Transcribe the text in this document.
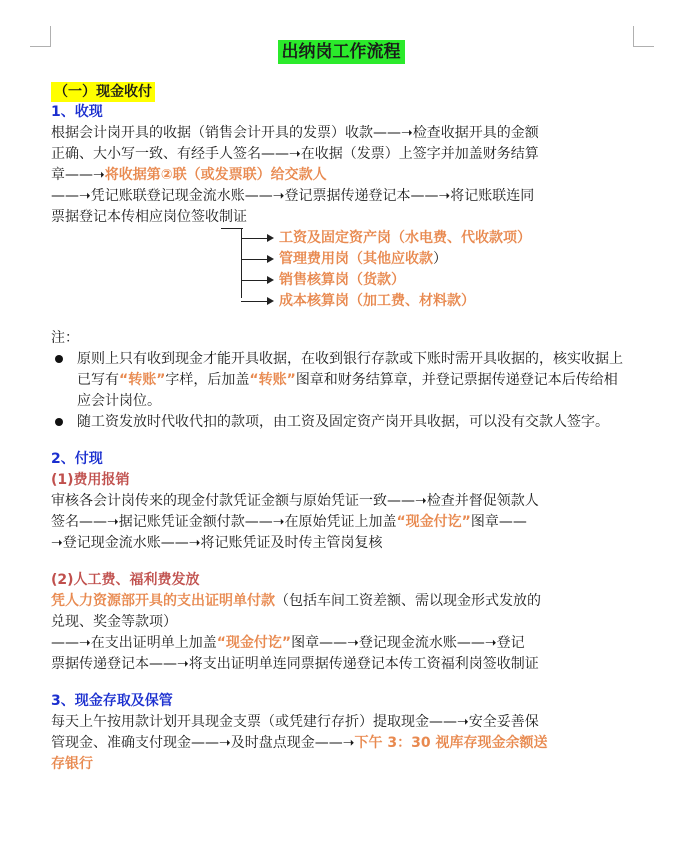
出纳岗工作流程
（一）现金收付

1、收现

根据会计岗开具的收据（销售会计开具的发票）收款——➝检查收据开具的金额

正确、大小写一致、有经手人签名——➝在收据（发票）上签字并加盖财务结算

章——➝将收据第②联（或发票联）给交款人

——➝凭记账联登记现金流水账——➝登记票据传递登记本——➝将记账联连同

票据登记本传相应岗位签收制证

工资及固定资产岗（水电费、代收款项）
管理费用岗（其他应收款）
销售核算岗（货款）
成本核算岗（加工费、材料款）

注：

原则上只有收到现金才能开具收据，在收到银行存款或下账时需开具收据的，核实收据上已写有“转账”字样，后加盖“转账”图章和财务结算章，并登记票据传递登记本后传给相应会计岗位。
随工资发放时代收代扣的款项，由工资及固定资产岗开具收据，可以没有交款人签字。

2、付现

(1)费用报销

审核各会计岗传来的现金付款凭证金额与原始凭证一致——➝检查并督促领款人

签名——➝据记账凭证金额付款——➝在原始凭证上加盖“现金付讫”图章——

➝登记现金流水账——➝将记账凭证及时传主管岗复核

(2)人工费、福利费发放

凭人力资源部开具的支出证明单付款（包括车间工资差额、需以现金形式发放的

兑现、奖金等款项）

——➝在支出证明单上加盖“现金付讫”图章——➝登记现金流水账——➝登记

票据传递登记本——➝将支出证明单连同票据传递登记本传工资福利岗签收制证

3、现金存取及保管

每天上午按用款计划开具现金支票（或凭建行存折）提取现金——➝安全妥善保

管现金、准确支付现金——➝及时盘点现金——➝下午 3：30 视库存现金余额送

存银行
